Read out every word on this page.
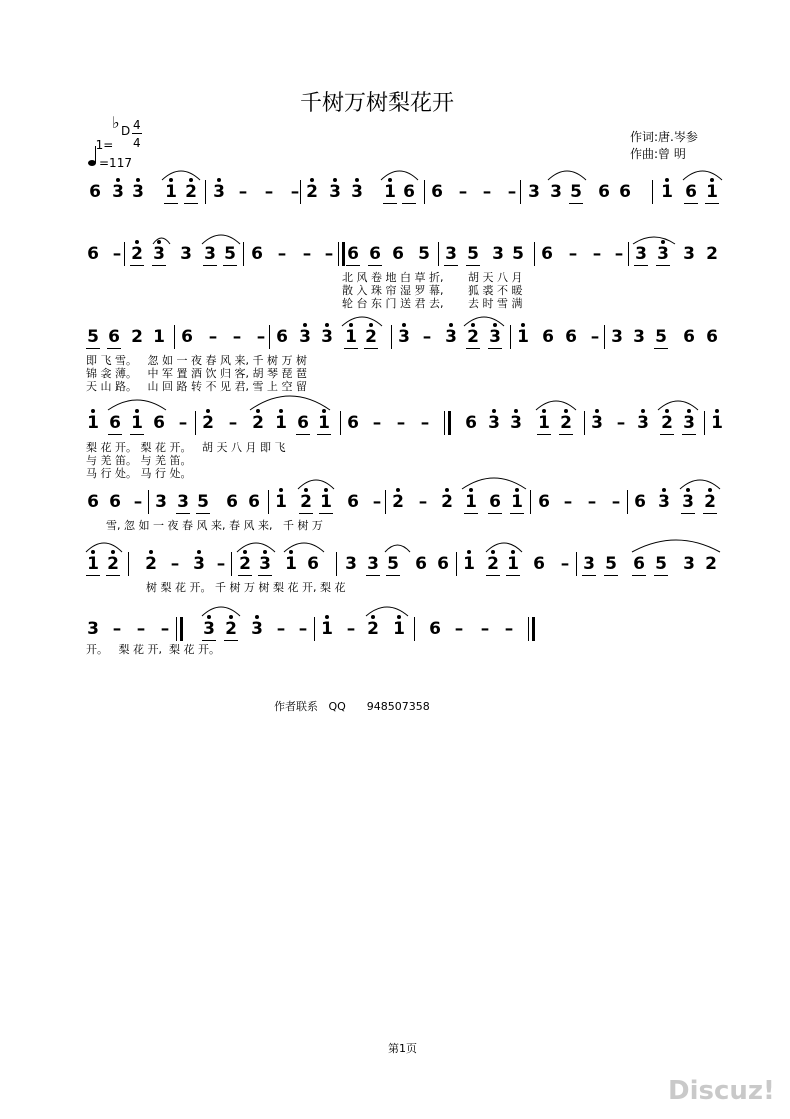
千树万树梨花开

1=

♭ D 4
4
=117
作词:唐.岑参
作曲:曾 明
6 3 3 1 2 3 – – – 2 3 3 1 6 6 – – – 3 3 5 6 6 1 6 1
6 – 2 3 3 3 5 6 – – – 6 6 6 5 3 5 3 5 6 – – – 3 3 3 2
5 6 2 1 6 – – – 6 3 3 1 2 3 – 3 2 3 1 6 6 – 3 3 5 6 6
1 6 1 6 – 2 – 2 1 6 1 6 – – – 6 3 3 1 2 3 – 3 2 3 1
6 6 – 3 3 5 6 6 1 2 1 6 – 2 – 2 1 6 1 6 – – – 6 3 3 2
1 2 2 – 3 – 2 3 1 6 3 3 5 6 6 1 2 1 6 – 3 5 6 5 3 2
3 – – – 3 2 3 – – 1 – 2 1 6 – – –
北 风 卷 地 白 草 折,       胡 天 八 月
散 入 珠 帘 湿 罗 幕,       狐 裘 不 暖
轮 台 东 门 送 君 去,       去 时 雪 满
即 飞 雪。   忽 如 一 夜 春 风 来, 千 树 万 树
锦 衾 薄。   中 军 置 酒 饮 归 客, 胡 琴 琵 琶
天 山 路。   山 回 路 转 不 见 君, 雪 上 空 留
梨 花 开。 梨 花 开。   胡 天 八 月 即 飞
与 羌 笛。 与 羌 笛。
马 行 处。 马 行 处。
雪, 忽 如 一 夜 春 风 来, 春 风 来,   千 树 万
树 梨 花 开。 千 树 万 树 梨 花 开, 梨 花
开。   梨 花 开,  梨 花 开。
作者联系   QQ      948507358
第1页
Discuz!
